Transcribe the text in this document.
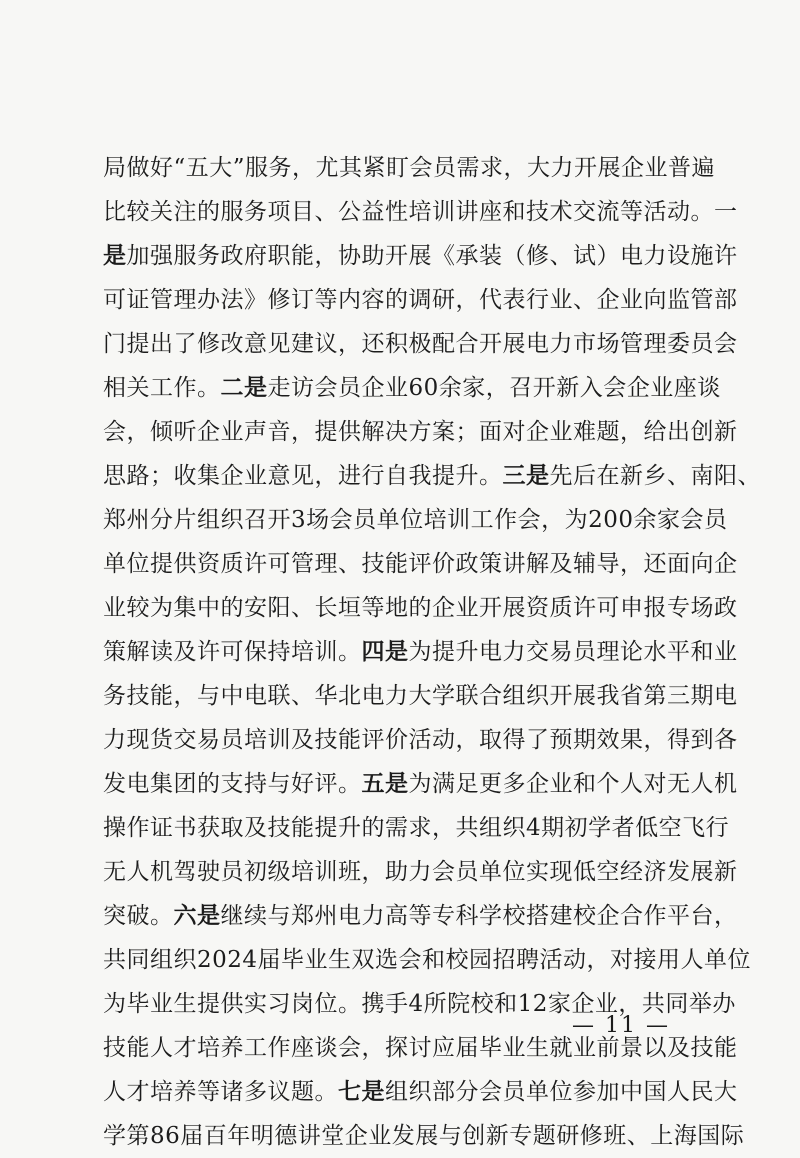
局做好“五大”服务，尤其紧盯会员需求，大力开展企业普遍
比较关注的服务项目、公益性培训讲座和技术交流等活动。一
是加强服务政府职能，协助开展《承装（修、试）电力设施许
可证管理办法》修订等内容的调研，代表行业、企业向监管部
门提出了修改意见建议，还积极配合开展电力市场管理委员会
相关工作。二是走访会员企业60余家，召开新入会企业座谈
会，倾听企业声音，提供解决方案；面对企业难题，给出创新
思路；收集企业意见，进行自我提升。三是先后在新乡、南阳、
郑州分片组织召开3场会员单位培训工作会，为200余家会员
单位提供资质许可管理、技能评价政策讲解及辅导，还面向企
业较为集中的安阳、长垣等地的企业开展资质许可申报专场政
策解读及许可保持培训。四是为提升电力交易员理论水平和业
务技能，与中电联、华北电力大学联合组织开展我省第三期电
力现货交易员培训及技能评价活动，取得了预期效果，得到各
发电集团的支持与好评。五是为满足更多企业和个人对无人机
操作证书获取及技能提升的需求，共组织4期初学者低空飞行
无人机驾驶员初级培训班，助力会员单位实现低空经济发展新
突破。六是继续与郑州电力高等专科学校搭建校企合作平台，
共同组织2024届毕业生双选会和校园招聘活动，对接用人单位
为毕业生提供实习岗位。携手4所院校和12家企业，共同举办
技能人才培养工作座谈会，探讨应届毕业生就业前景以及技能
人才培养等诸多议题。七是组织部分会员单位参加中国人民大
学第86届百年明德讲堂企业发展与创新专题研修班、上海国际
— 11 —
